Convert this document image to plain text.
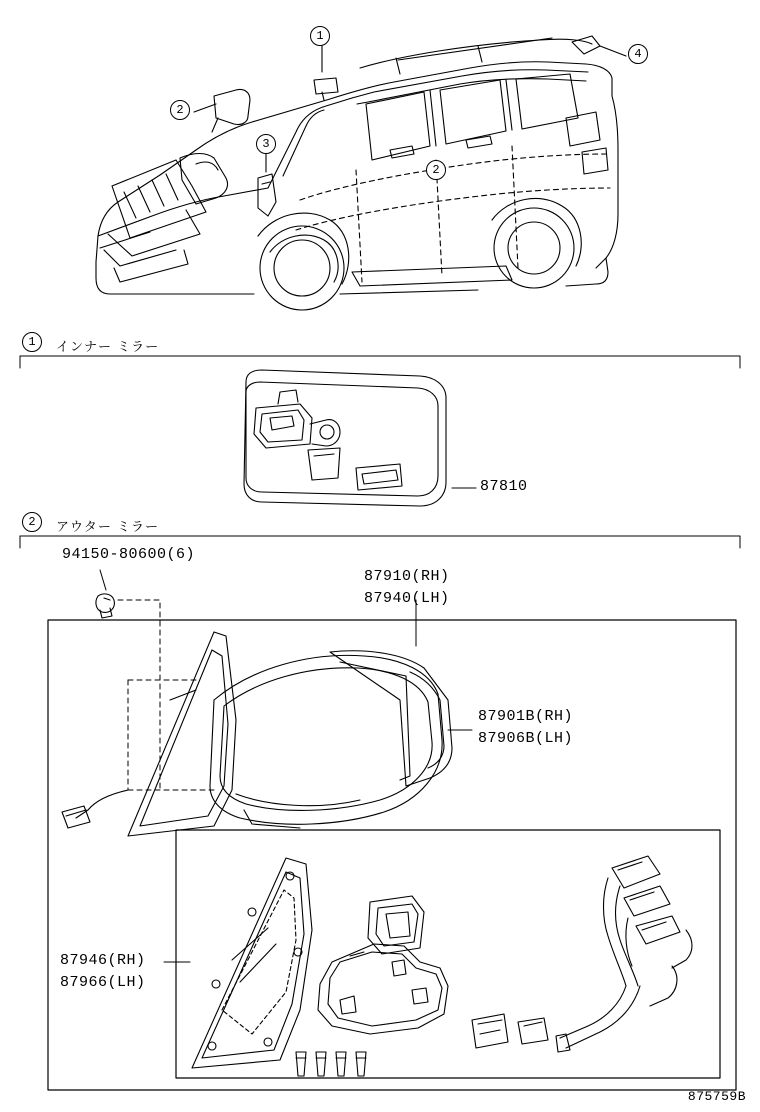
1
2
2
3
4
1	インナー ミラー
2	アウター ミラー
87810
94150-80600(6)
87910(RH)
87940(LH)
87901B(RH)
87906B(LH)
87946(RH)
87966(LH)
875759B
